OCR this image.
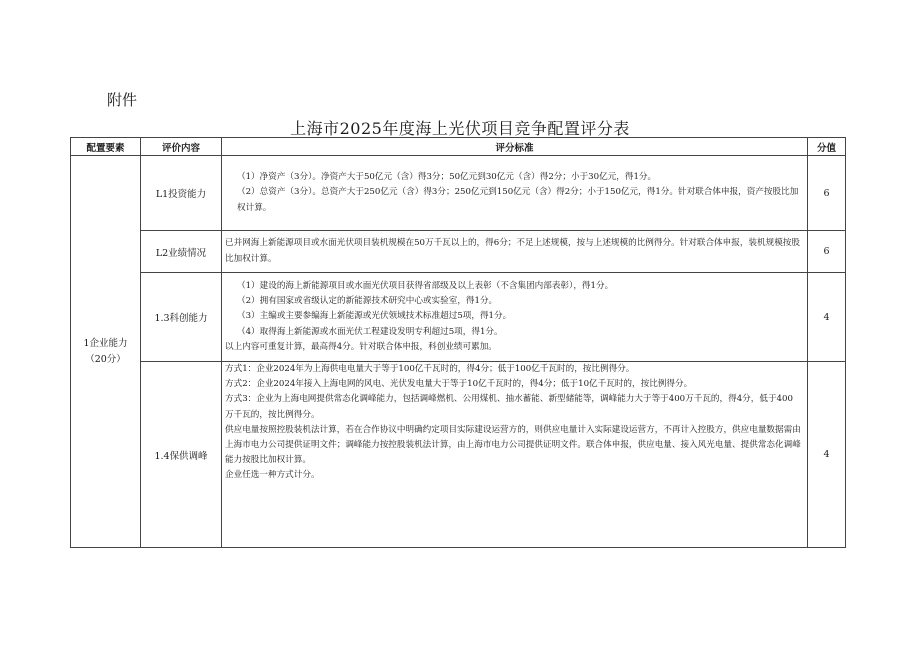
附件
上海市2025年度海上光伏项目竞争配置评分表
配置要素	评价内容	评分标准	分值

1企业能力
（20分）	L1投资能力	（1）净资产（3分）。净资产大于50亿元（含）得3分；50亿元到30亿元（含）得2分；小于30亿元，得1分。
（2）总资产（3分）。总资产大于250亿元（含）得3分；250亿元到150亿元（含）得2分；小于150亿元，得1分。针对联合体申报，资产按股比加权计算。	6
	L2业绩情况	已并网海上新能源项目或水面光伏项目装机规模在50万千瓦以上的，得6分；不足上述规模，按与上述规模的比例得分。针对联合体申报，装机规模按股比加权计算。	6
	1.3科创能力	（1）建设的海上新能源项目或水面光伏项目获得省部级及以上表彰（不含集团内部表彰），得1分。
（2）拥有国家或省级认定的新能源技术研究中心或实验室，得1分。
（3）主编或主要参编海上新能源或光伏领域技术标准超过5项，得1分。
（4）取得海上新能源或水面光伏工程建设发明专利超过5项，得1分。
以上内容可重复计算，最高得4分。针对联合体申报，科创业绩可累加。	4
	1.4保供调峰	方式1：企业2024年为上海供电电量大于等于100亿千瓦时的，得4分；低于100亿千瓦时的，按比例得分。
方式2：企业2024年接入上海电网的风电、光伏发电量大于等于10亿千瓦时的，得4分；低于10亿千瓦时的，按比例得分。
方式3：企业为上海电网提供常态化调峰能力，包括调峰燃机、公用煤机、抽水蓄能、新型储能等，调峰能力大于等于400万千瓦的，得4分，低于400万千瓦的，按比例得分。
供应电量按照控股装机法计算，若在合作协议中明确约定项目实际建设运营方的，则供应电量计入实际建设运营方，不再计入控股方，供应电量数据需由上海市电力公司提供证明文件；调峰能力按控股装机法计算，由上海市电力公司提供证明文件。联合体申报，供应电量、接入风光电量、提供常态化调峰能力按股比加权计算。
企业任选一种方式计分。	4
